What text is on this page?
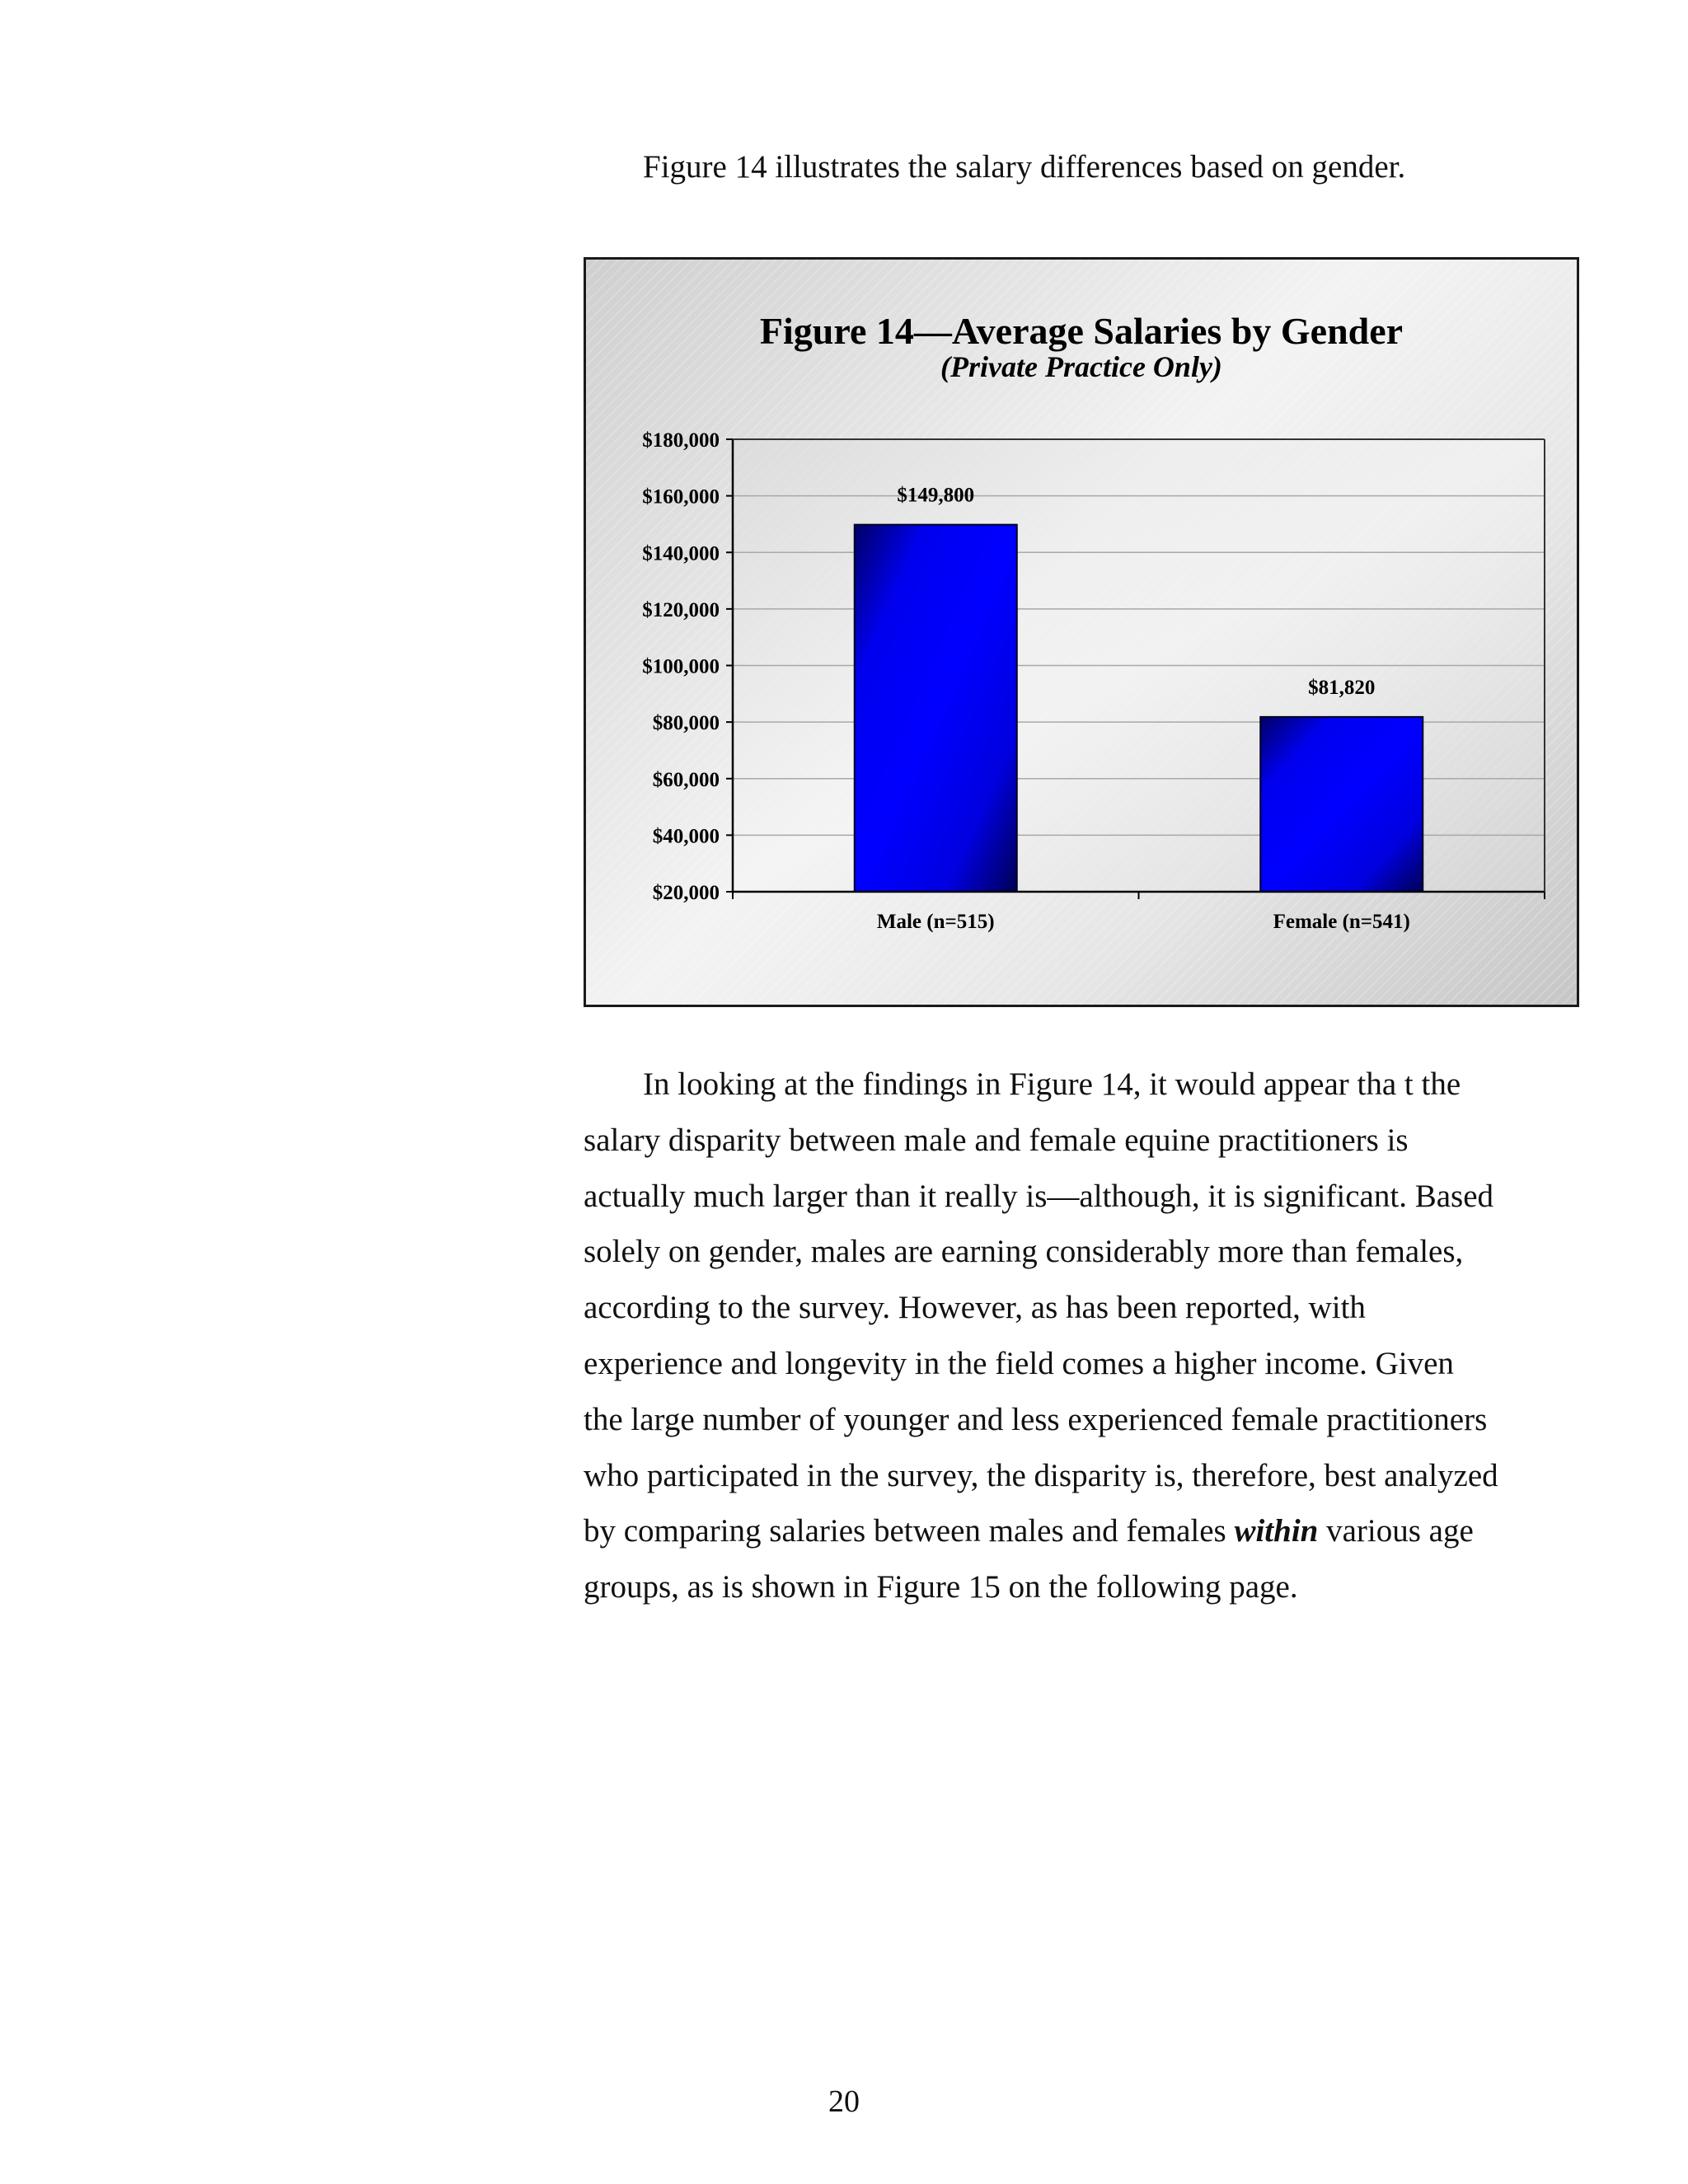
Figure 14 illustrates the salary differences based on gender.

Figure 14—Average Salaries by Gender
(Private Practice Only)
$20,000
$40,000
$60,000
$80,000
$100,000
$120,000
$140,000
$160,000
$180,000
$149,800
Male (n=515)
$81,820
Female (n=541)
In looking at the findings in Figure 14, it would appear tha t the
salary disparity between male and female equine practitioners is
actually much larger than it really is—although, it is significant. Based
solely on gender, males are earning considerably more than females,
according to the survey. However, as has been reported, with
experience and longevity in the field comes a higher income. Given
the large number of younger and less experienced female practitioners
who participated in the survey, the disparity is, therefore, best analyzed
by comparing salaries between males and females within various age
groups, as is shown in Figure 15 on the following page.

20
